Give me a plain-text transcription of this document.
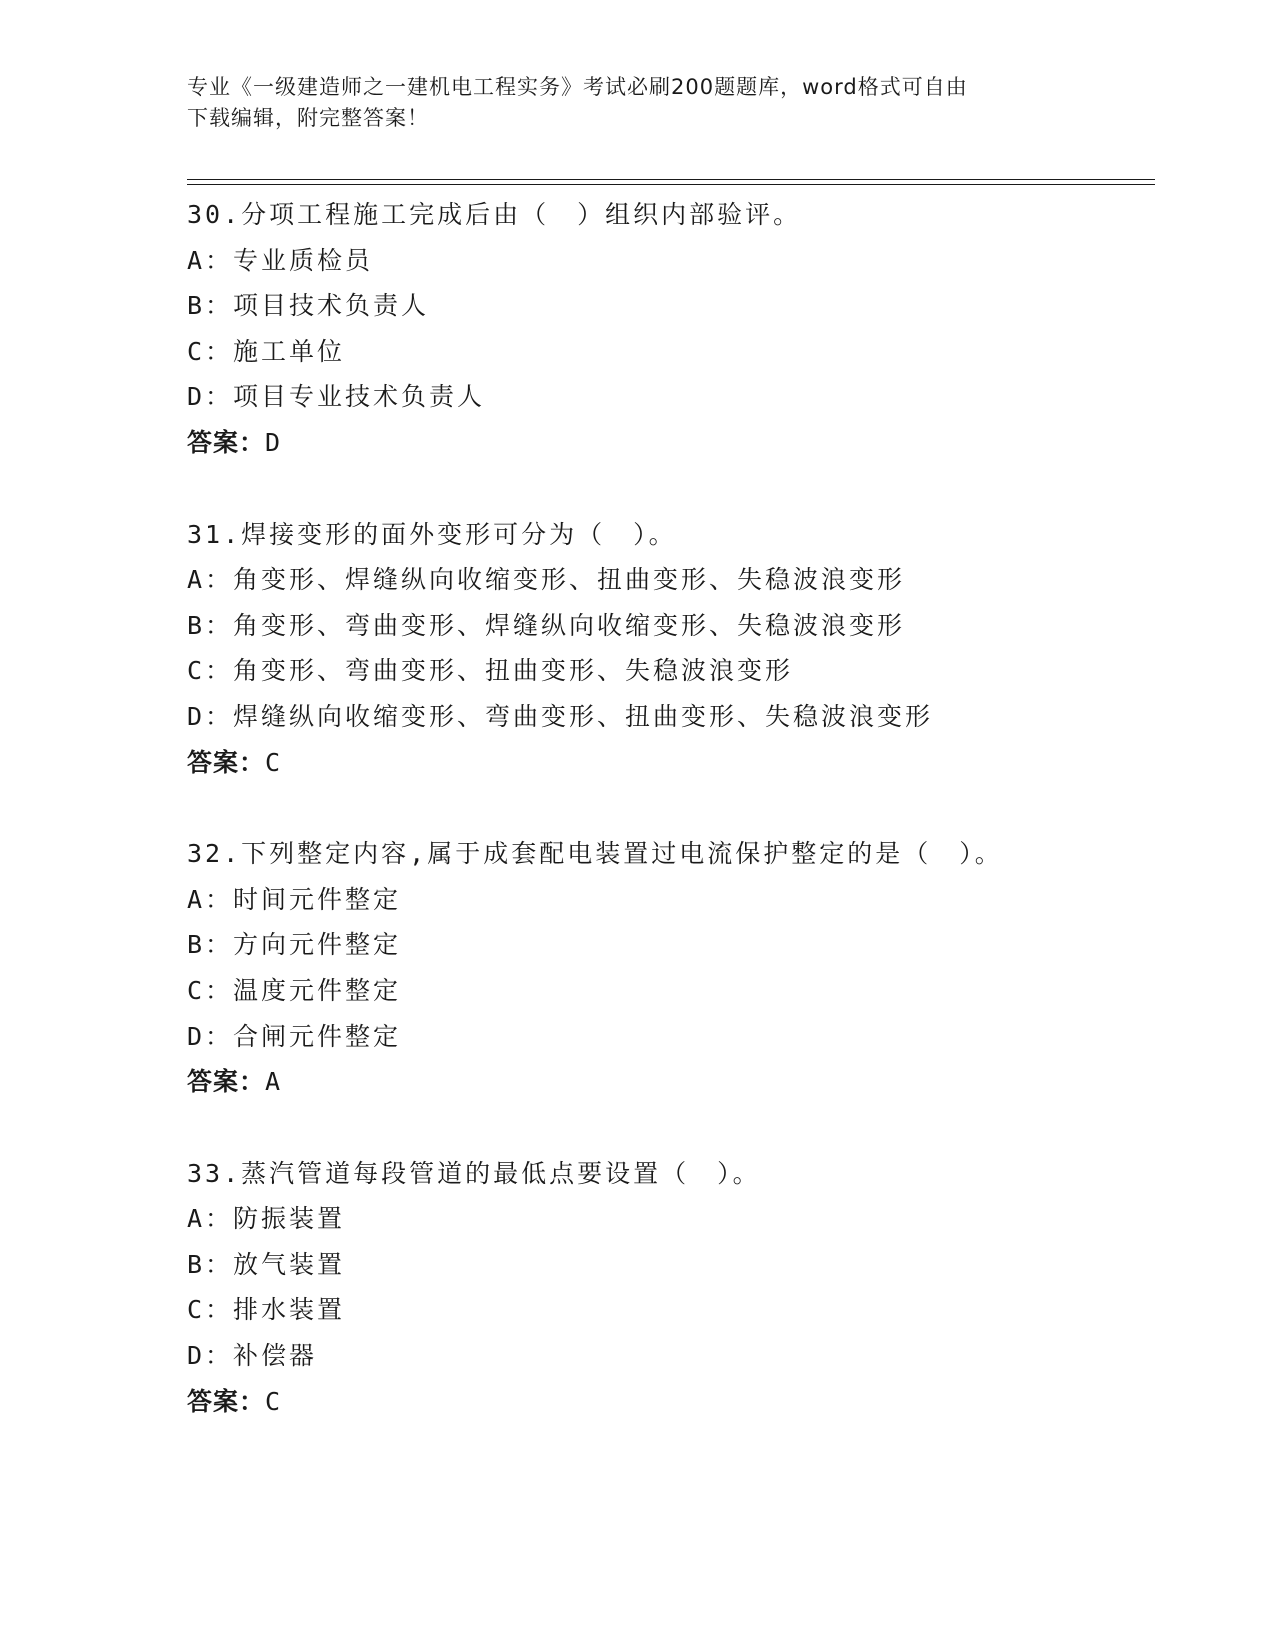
专业《一级建造师之一建机电工程实务》考试必刷200题题库，word格式可自由
下载编辑，附完整答案！
30.分项工程施工完成后由（　）组织内部验评。
A：专业质检员
B：项目技术负责人
C：施工单位
D：项目专业技术负责人
答案：D
31.焊接变形的面外变形可分为（　）。
A：角变形、焊缝纵向收缩变形、扭曲变形、失稳波浪变形
B：角变形、弯曲变形、焊缝纵向收缩变形、失稳波浪变形
C：角变形、弯曲变形、扭曲变形、失稳波浪变形
D：焊缝纵向收缩变形、弯曲变形、扭曲变形、失稳波浪变形
答案：C
32.下列整定内容,属于成套配电装置过电流保护整定的是（　）。
A：时间元件整定
B：方向元件整定
C：温度元件整定
D：合闸元件整定
答案：A
33.蒸汽管道每段管道的最低点要设置（　）。
A：防振装置
B：放气装置
C：排水装置
D：补偿器
答案：C
